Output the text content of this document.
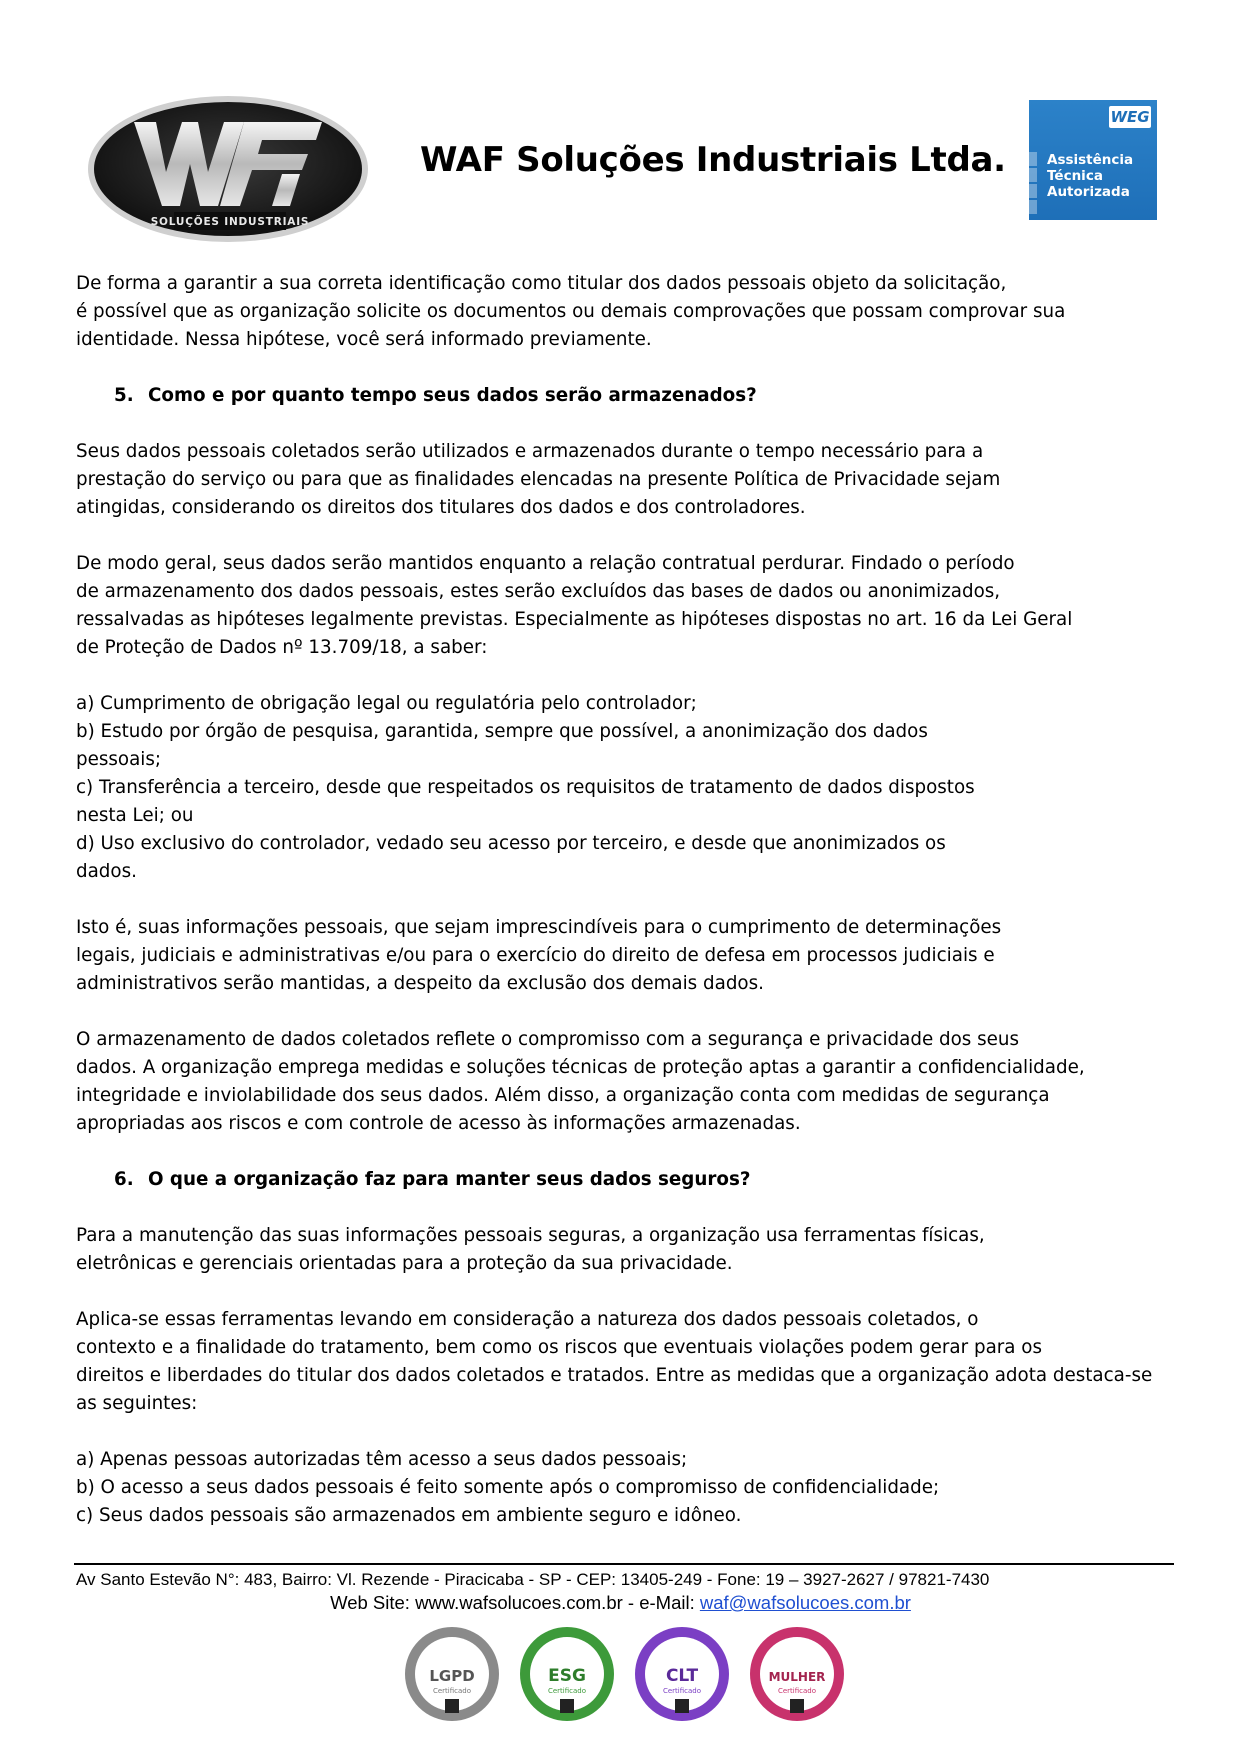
SOLUÇÕES INDUSTRIAIS
WAF Soluções Industriais Ltda.
WEG
Assistência
Técnica
Autorizada

De forma a garantir a sua correta identificação como titular dos dados pessoais objeto da solicitação,
é possível que as organização solicite os documentos ou demais comprovações que possam comprovar sua
identidade. Nessa hipótese, você será informado previamente.

5. Como e por quanto tempo seus dados serão armazenados?

Seus dados pessoais coletados serão utilizados e armazenados durante o tempo necessário para a
prestação do serviço ou para que as finalidades elencadas na presente Política de Privacidade sejam
atingidas, considerando os direitos dos titulares dos dados e dos controladores.

De modo geral, seus dados serão mantidos enquanto a relação contratual perdurar. Findado o período
de armazenamento dos dados pessoais, estes serão excluídos das bases de dados ou anonimizados,
ressalvadas as hipóteses legalmente previstas. Especialmente as hipóteses dispostas no art. 16 da Lei Geral
de Proteção de Dados nº 13.709/18, a saber:

a) Cumprimento de obrigação legal ou regulatória pelo controlador;
b) Estudo por órgão de pesquisa, garantida, sempre que possível, a anonimização dos dados
pessoais;
c) Transferência a terceiro, desde que respeitados os requisitos de tratamento de dados dispostos
nesta Lei; ou
d) Uso exclusivo do controlador, vedado seu acesso por terceiro, e desde que anonimizados os
dados.

Isto é, suas informações pessoais, que sejam imprescindíveis para o cumprimento de determinações
legais, judiciais e administrativas e/ou para o exercício do direito de defesa em processos judiciais e
administrativos serão mantidas, a despeito da exclusão dos demais dados.

O armazenamento de dados coletados reflete o compromisso com a segurança e privacidade dos seus
dados. A organização emprega medidas e soluções técnicas de proteção aptas a garantir a confidencialidade,
integridade e inviolabilidade dos seus dados. Além disso, a organização conta com medidas de segurança
apropriadas aos riscos e com controle de acesso às informações armazenadas.

6. O que a organização faz para manter seus dados seguros?

Para a manutenção das suas informações pessoais seguras, a organização usa ferramentas físicas,
eletrônicas e gerenciais orientadas para a proteção da sua privacidade.

Aplica-se essas ferramentas levando em consideração a natureza dos dados pessoais coletados, o
contexto e a finalidade do tratamento, bem como os riscos que eventuais violações podem gerar para os
direitos e liberdades do titular dos dados coletados e tratados. Entre as medidas que a organização adota destaca-se
as seguintes:

a) Apenas pessoas autorizadas têm acesso a seus dados pessoais;
b) O acesso a seus dados pessoais é feito somente após o compromisso de confidencialidade;
c) Seus dados pessoais são armazenados em ambiente seguro e idôneo.
Av Santo Estevão N°: 483, Bairro: Vl. Rezende - Piracicaba - SP - CEP: 13405-249 - Fone: 19 – 3927-2627 / 97821-7430
Web Site: www.wafsolucoes.com.br - e-Mail: waf@wafsolucoes.com.br
LGPD
Certificado
ESG
Certificado
CLT
Certificado
MULHER
Certificado
